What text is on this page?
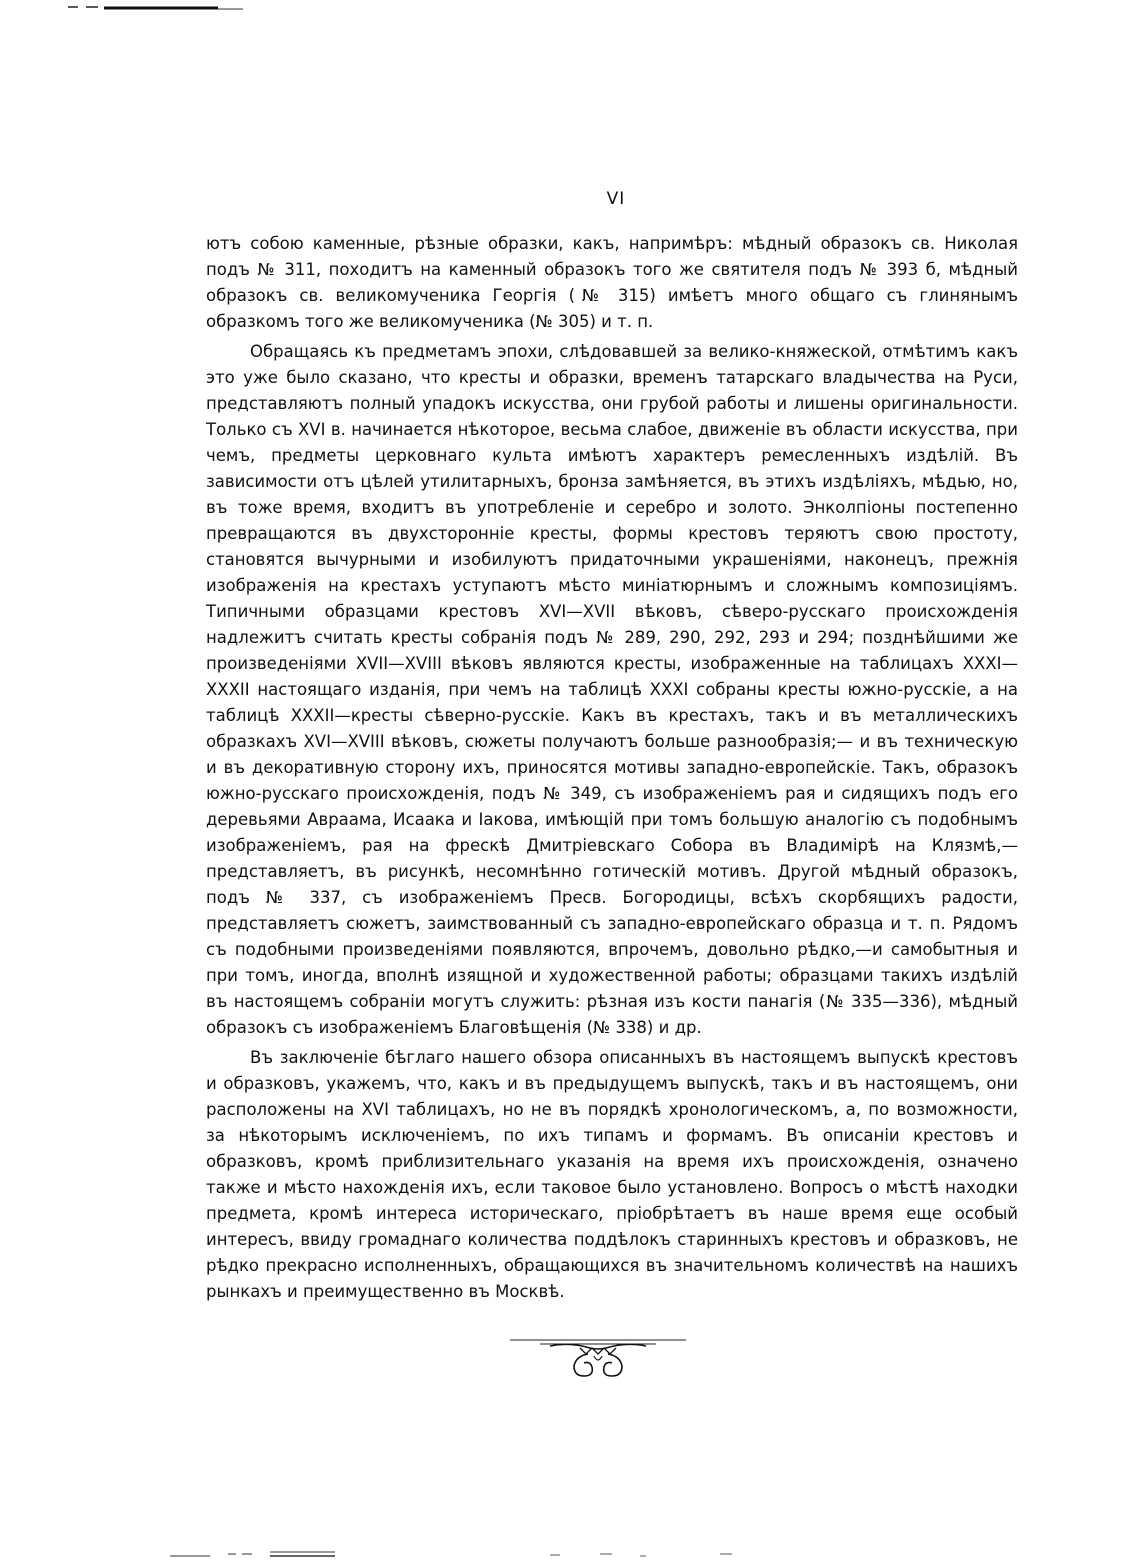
VI

ютъ собою каменные, рѣзные образки, какъ, напримѣръ: мѣдный образокъ св. Николая подъ № 311, походитъ на каменный образокъ того же святителя подъ № 393 б, мѣдный образокъ св. великомученика Георгія (№ 315) имѣетъ много общаго съ глинянымъ образкомъ того же великомученика (№ 305) и т. п.

Обращаясь къ предметамъ эпохи, слѣдовавшей за велико-княжеской, отмѣтимъ какъ это уже было сказано, что кресты и образки, временъ татарскаго владычества на Руси, представляютъ полный упадокъ искусства, они грубой работы и лишены оригинальности. Только съ XVI в. начинается нѣкоторое, весьма слабое, движеніе въ области искусства, при чемъ, предметы церковнаго культа имѣютъ характеръ ремесленныхъ издѣлій. Въ зависимости отъ цѣлей утилитарныхъ, бронза замѣняется, въ этихъ издѣліяхъ, мѣдью, но, въ тоже время, входитъ въ употребленіе и серебро и золото. Энколпіоны постепенно превращаются въ двухсторонніе кресты, формы крестовъ теряютъ свою простоту, становятся вычурными и изобилуютъ придаточными украшеніями, наконецъ, прежнія изображенія на крестахъ уступаютъ мѣсто миніатюрнымъ и сложнымъ композиціямъ. Типичными образцами крестовъ XVI—XVII вѣковъ, сѣверо-русскаго происхожденія надлежитъ считать кресты собранія подъ № 289, 290, 292, 293 и 294; позднѣйшими же произведеніями XVII—XVIII вѣковъ являются кресты, изображенные на таблицахъ XXXI—XXXII настоящаго изданія, при чемъ на таблицѣ XXXI собраны кресты южно-русскіе, а на таблицѣ XXXII—кресты сѣверно-русскіе. Какъ въ крестахъ, такъ и въ металлическихъ образкахъ XVI—XVIII вѣковъ, сюжеты получаютъ больше разнообразія;— и въ техническую и въ декоративную сторону ихъ, приносятся мотивы западно-европейскіе. Такъ, образокъ южно-русскаго происхожденія, подъ № 349, съ изображеніемъ рая и сидящихъ подъ его деревьями Авраама, Исаака и Іакова, имѣющій при томъ большую аналогію съ подобнымъ изображеніемъ, рая на фрескѣ Дмитріевскаго Собора въ Владимірѣ на Клязмѣ,—представляетъ, въ рисункѣ, несомнѣнно готическій мотивъ. Другой мѣдный образокъ, подъ № 337, съ изображеніемъ Пресв. Богородицы, всѣхъ скорбящихъ радости, представляетъ сюжетъ, заимствованный съ западно-европейскаго образца и т. п. Рядомъ съ подобными произведеніями появляются, впрочемъ, довольно рѣдко,—и самобытныя и при томъ, иногда, вполнѣ изящной и художественной работы; образцами такихъ издѣлій въ настоящемъ собраніи могутъ служить: рѣзная изъ кости панагія (№ 335—336), мѣдный образокъ съ изображеніемъ Благовѣщенія (№ 338) и др.

Въ заключеніе бѣглаго нашего обзора описанныхъ въ настоящемъ выпускѣ крестовъ и образковъ, укажемъ, что, какъ и въ предыдущемъ выпускѣ, такъ и въ настоящемъ, они расположены на XVI таблицахъ, но не въ порядкѣ хронологическомъ, а, по возможности, за нѣкоторымъ исключеніемъ, по ихъ типамъ и формамъ. Въ описаніи крестовъ и образковъ, кромѣ приблизительнаго указанія на время ихъ происхожденія, означено также и мѣсто нахожденія ихъ, если таковое было установлено. Вопросъ о мѣстѣ находки предмета, кромѣ интереса историческаго, пріобрѣтаетъ въ наше время еще особый интересъ, ввиду громаднаго количества поддѣлокъ старинныхъ крестовъ и образковъ, не рѣдко прекрасно исполненныхъ, обращающихся въ значительномъ количествѣ на нашихъ рынкахъ и преимущественно въ Москвѣ.
